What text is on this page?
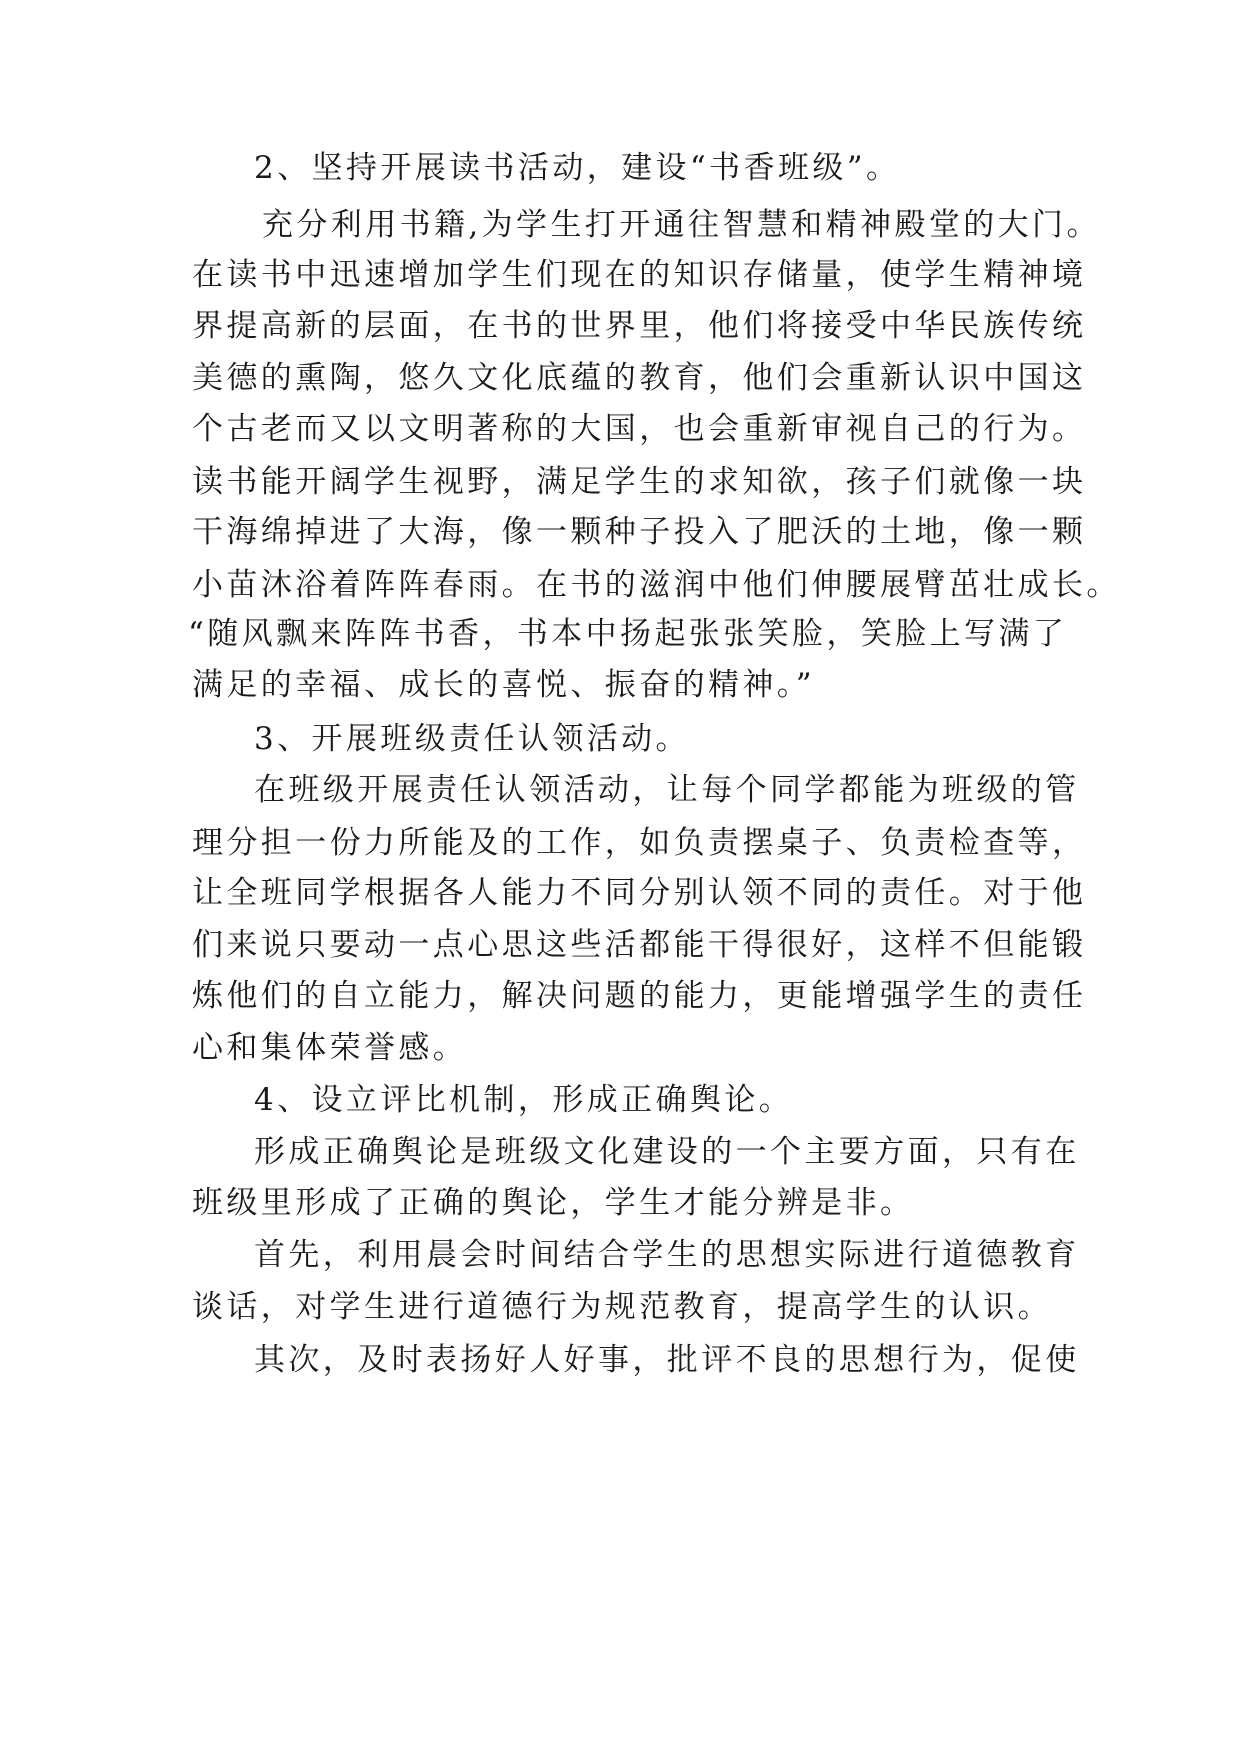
2、坚持开展读书活动，建设“书香班级”。

充分利用书籍,为学生打开通往智慧和精神殿堂的大门。

在读书中迅速增加学生们现在的知识存储量，使学生精神境

界提高新的层面，在书的世界里，他们将接受中华民族传统

美德的熏陶，悠久文化底蕴的教育，他们会重新认识中国这

个古老而又以文明著称的大国，也会重新审视自己的行为。

读书能开阔学生视野，满足学生的求知欲，孩子们就像一块

干海绵掉进了大海，像一颗种子投入了肥沃的土地，像一颗

小苗沐浴着阵阵春雨。在书的滋润中他们伸腰展臂茁壮成长。

“随风飘来阵阵书香，书本中扬起张张笑脸，笑脸上写满了

满足的幸福、成长的喜悦、振奋的精神。”

3、开展班级责任认领活动。

在班级开展责任认领活动，让每个同学都能为班级的管

理分担一份力所能及的工作，如负责摆桌子、负责检查等，

让全班同学根据各人能力不同分别认领不同的责任。对于他

们来说只要动一点心思这些活都能干得很好，这样不但能锻

炼他们的自立能力，解决问题的能力，更能增强学生的责任

心和集体荣誉感。

4、设立评比机制，形成正确舆论。

形成正确舆论是班级文化建设的一个主要方面，只有在

班级里形成了正确的舆论，学生才能分辨是非。

首先，利用晨会时间结合学生的思想实际进行道德教育

谈话，对学生进行道德行为规范教育，提高学生的认识。

其次，及时表扬好人好事，批评不良的思想行为，促使
